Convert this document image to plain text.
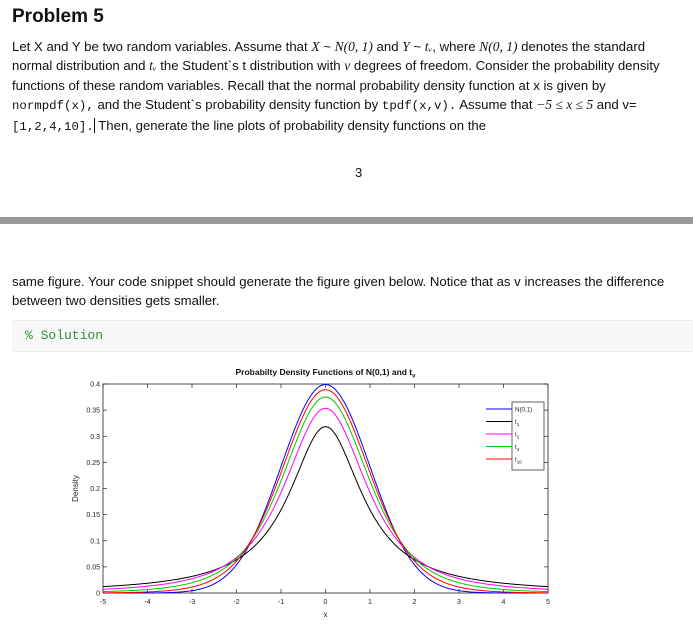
Problem 5
Let X and Y be two random variables. Assume that X ~ N(0, 1) and Y ~ tᵥ, where N(0, 1) denotes the standard normal distribution and tᵥ the Student`s t distribution with v degrees of freedom. Consider the probability density functions of these random variables. Recall that the normal probability density function at x is given by normpdf(x), and the Student`s probability density function by tpdf(x,v). Assume that −5 ≤ x ≤ 5 and v=[1,2,4,10]. Then, generate the line plots of probability density functions on the
3
same figure. Your code snippet should generate the figure given below. Notice that as v increases the difference between two densities gets smaller.
% Solution
-5	-4	-3	-2	-1	0	1	2	3	4	5
0
0.05
0.1
0.15
0.2
0.25
0.3
0.35
0.4
x
Density
Probabilty Density Functions of N(0,1) and $t_v$
N(0,1)
$t_1$
$t_2$
$t_4$
$t_{10}$
